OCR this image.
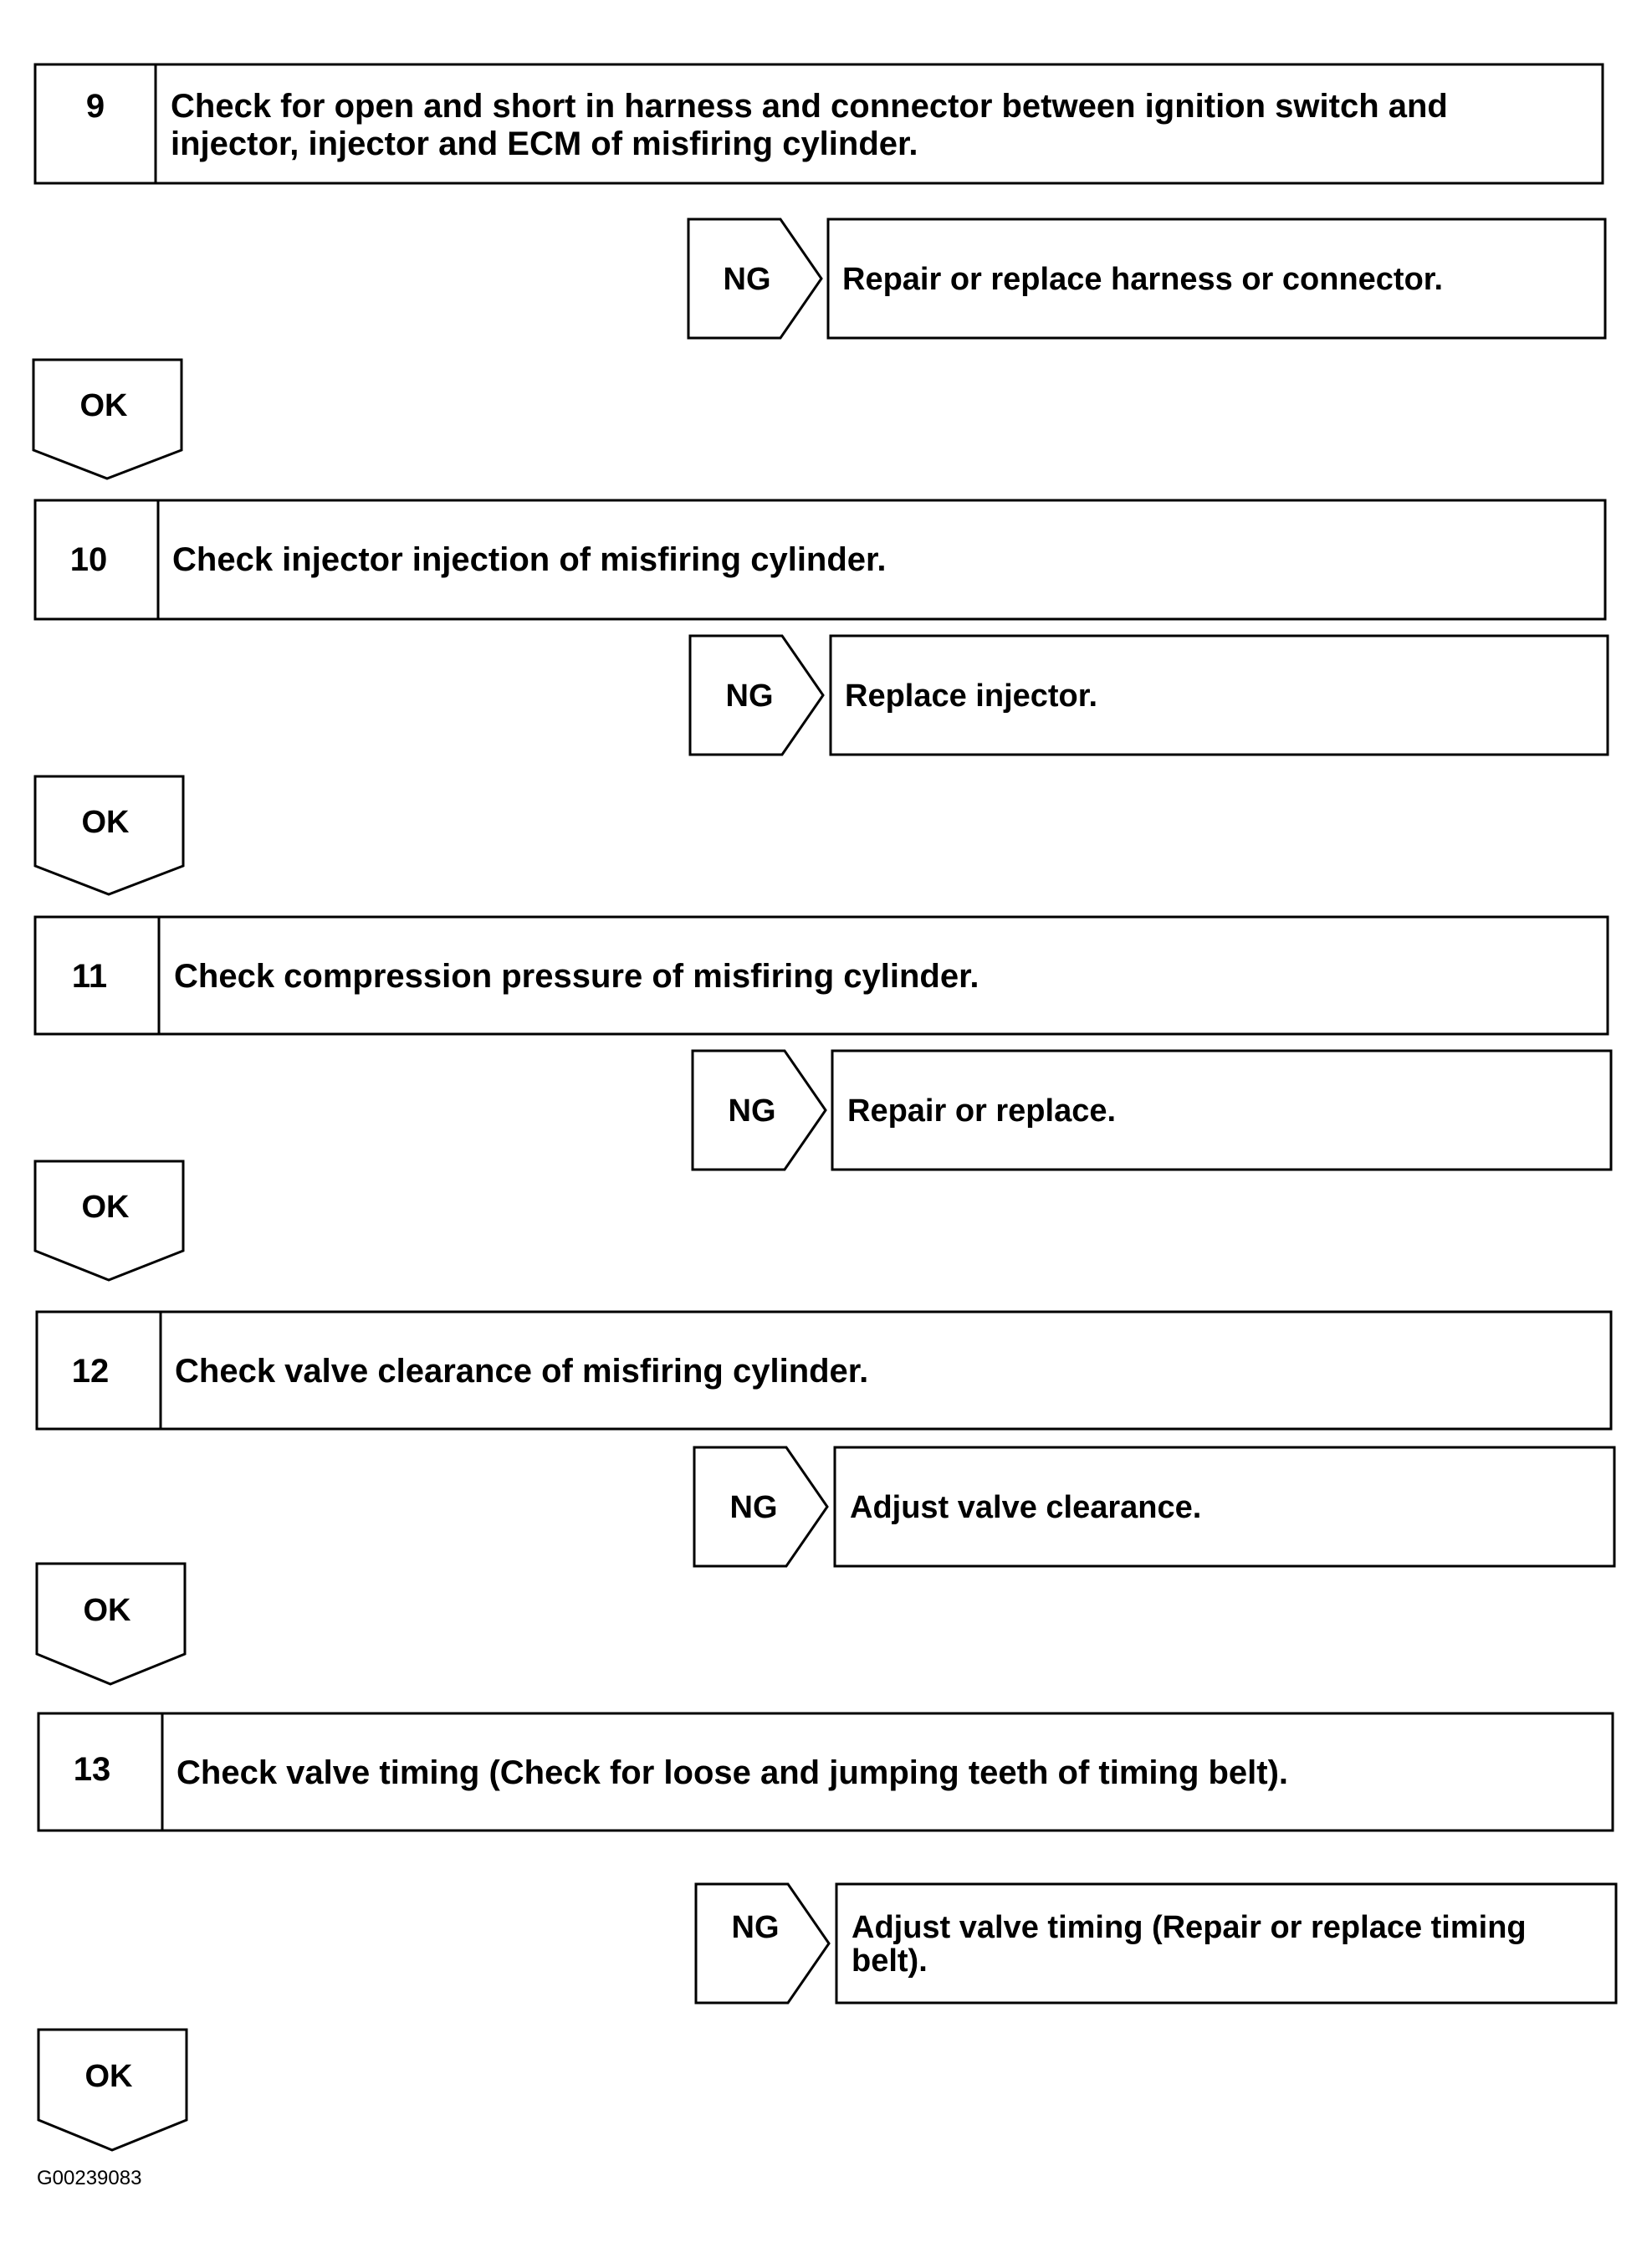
9 Check for open and short in harness and connector between ignition switch and
injector, injector and ECM of misfiring cylinder.
NG Repair or replace harness or connector.
OK
10 Check injector injection of misfiring cylinder.
NG Replace injector.
OK
11 Check compression pressure of misfiring cylinder.
NG Repair or replace.
OK
12 Check valve clearance of misfiring cylinder.
NG Adjust valve clearance.
OK
13 Check valve timing (Check for loose and jumping teeth of timing belt).
NG Adjust valve timing (Repair or replace timing
belt).
OK
G00239083
